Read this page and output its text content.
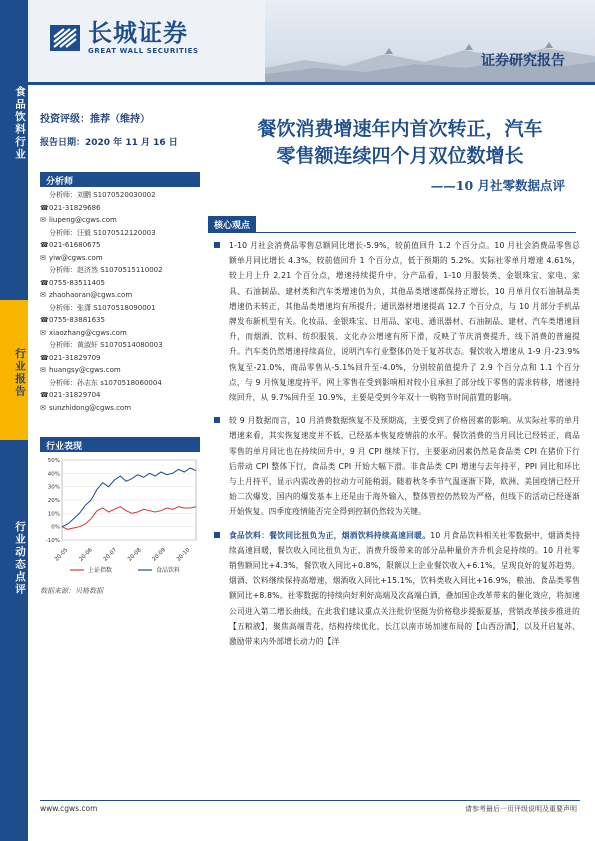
食品饮料行业
行业报告
行业动态点评
长城证券
GREAT WALL SECURITIES
证券研究报告
投资评级：推荐（维持）
报告日期：2020 年 11 月 16 日
分析师
分析师：刘鹏 S1070520030002
☎021-31829686
✉ liupeng@cgws.com
分析师：汪毅 S1070512120003
☎021-61680675
✉ yiw@cgws.com
分析师：赵济然 S1070515110002
☎0755-83511405
✉ zhaohaoran@cgws.com
分析师：张潇 S1070518090001
☎0755-83881635
✉ xiaozhang@cgws.com
分析师：黄淑轩 S1070514080003
☎021-31829709
✉ huangsy@cgws.com
分析师：孙志东 s1070518060004
☎021-31829704
✉ sunzhidong@cgws.com
行业表现
50%
40%
30%
20%
10%
0%
-10%
20-05 20-06 20-07 20-08 20-09 20-10
上证指数	食品饮料
数据来源：贝格数据
餐饮消费增速年内首次转正，汽车
零售额连续四个月双位数增长
——10 月社零数据点评
核心观点
1-10 月社会消费品零售总额同比增长-5.9%，较前值回升 1.2 个百分点。10 月社会消费品零售总额单月同比增长 4.3%，较前值回升 1 个百分点，低于预期的 5.2%。实际社零单月增速 4.61%，较上月上升 2.21 个百分点，增速持续提升中。分产品看，1-10 月服装类、金银珠宝、家电、家具、石油制品、建材类和汽车类增速仍为负，其他品类增速都保持正增长，10 月单月仅石油制品类增速仍未转正，其他品类增速均有所提升；通讯器材增速提高 12.7 个百分点，与 10 月部分手机品牌发布新机型有关。化妆品、金银珠宝、日用品、家电、通讯器材、石油制品、建材、汽车类增速回升，而烟酒、饮料、纺织服装、文化办公增速有所下滑，反映了节庆消费提升、线下消费的普遍提升。汽车类仍然增速持续高位，说明汽车行业整体仍处于复苏状态。餐饮收入增速从 1-9 月-23.9%恢复至-21.0%，商品零售从-5.1%回升至-4.0%，分别较前值提升了 2.9 个百分点和 1.1 个百分点，与 9 月恢复速度持平。网上零售在受到影响相对较小且承担了部分线下零售的需求转移，增速持续回升，从 9.7%回升至 10.9%，主要是受到今年双十一购物节时间前置的影响。
较 9 月数据而言，10 月消费数据恢复不及预期高，主要受到了价格因素的影响。从实际社零的单月增速来看，其实恢复速度并不低，已经基本恢复疫情前的水平。餐饮消费的当月同比已经转正，商品零售的单月同比也在持续回升中，9 月 CPI 继续下行，主要驱动因素仍然是食品类 CPI 在猪价下行后带动 CPI 整体下行，食品类 CPI 开始大幅下滑。非食品类 CPI 增速与去年持平，PPI 同比和环比与上月持平，显示内需改善的拉动力可能稍弱。随着秋冬季节气温逐渐下降，欧洲、美国疫情已经开始二次爆发，国内的爆发基本上还是由于海外输入，整体管控仍然较为严格，但线下的活动已经逐渐开始恢复。四季度疫情能否完全得到控制仍然较为关键。
食品饮料：餐饮同比扭负为正，烟酒饮料持续高速回暖。10 月食品饮料相关社零数据中，烟酒类持续高速回暖，餐饮收入同比扭负为正，消费升级带来的部分品种量价齐升机会是持续的。10 月社零销售额同比+4.3%，餐饮收入同比+0.8%，限额以上企业餐饮收入+6.1%，呈现良好的复苏趋势。烟酒、饮料继续保持高增速，烟酒收入同比+15.1%，饮料类收入同比+16.9%，粮油、食品类零售额同比+8.8%。社零数据的持续向好利好高端及次高端白酒，叠加国企改革带来的催化效应，将加速公司进入第二增长曲线，在此我们建议重点关注批价坚挺为价格稳步提振夏基，营销改革接步推进的【五粮液】，聚焦高端青花，结构持续优化，长江以南市场加速布局的【山西汾酒】，以及开启复苏、激励带来内外部增长动力的【洋
www.cgws.com	请参考最后一页评级说明及重要声明
